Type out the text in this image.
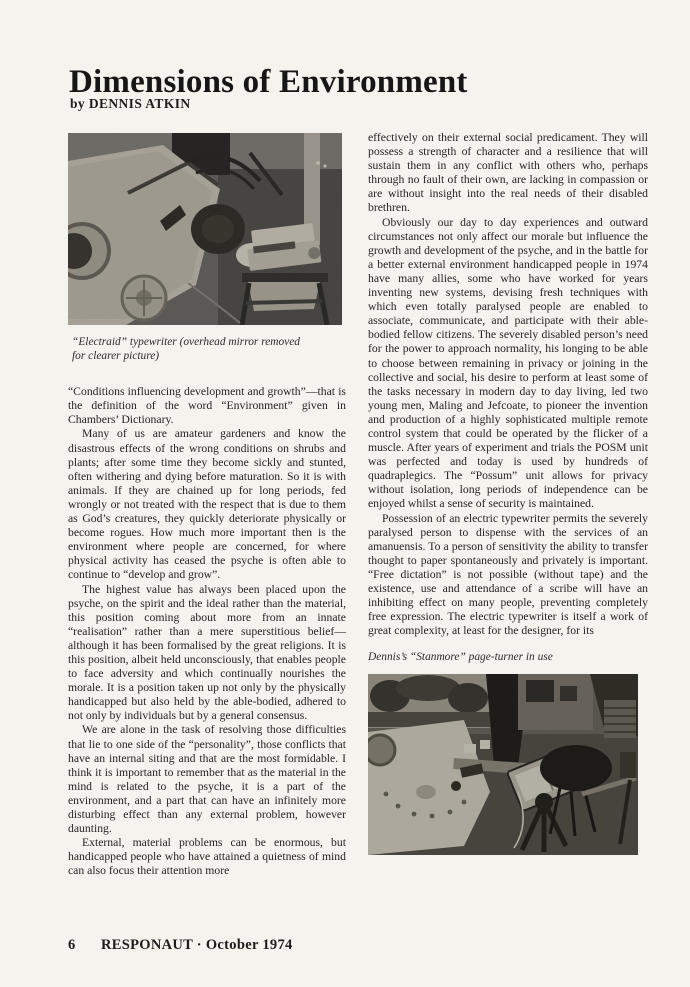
Dimensions of Environment
by DENNIS ATKIN
“Electraid” typewriter (overhead mirror removed for clearer picture)

“Conditions influencing development and growth”—that is the definition of the word “Environment” given in Chambers’ Dictionary.

Many of us are amateur gardeners and know the disastrous effects of the wrong conditions on shrubs and plants; after some time they become sickly and stunted, often withering and dying before maturation. So it is with animals. If they are chained up for long periods, fed wrongly or not treated with the respect that is due to them as God’s creatures, they quickly deteriorate physically or become rogues. How much more important then is the environment where people are concerned, for where physical activity has ceased the psyche is often able to continue to “develop and grow”.

The highest value has always been placed upon the psyche, on the spirit and the ideal rather than the material, this position coming about more from an innate “realisation” rather than a mere superstitious belief—although it has been formalised by the great religions. It is this position, albeit held unconsciously, that enables people to face adversity and which continually nourishes the morale. It is a position taken up not only by the physically handicapped but also held by the able-bodied, adhered to not only by individuals but by a general consensus.

We are alone in the task of resolving those difficulties that lie to one side of the “personality”, those conflicts that have an internal siting and that are the most formidable. I think it is important to remember that as the material in the mind is related to the psyche, it is a part of the environment, and a part that can have an infinitely more disturbing effect than any external problem, however daunting.

External, material problems can be enormous, but handicapped people who have attained a quietness of mind can also focus their attention more

effectively on their external social predicament. They will possess a strength of character and a resilience that will sustain them in any conflict with others who, perhaps through no fault of their own, are lacking in compassion or are without insight into the real needs of their disabled brethren.

Obviously our day to day experiences and outward circumstances not only affect our morale but influence the growth and development of the psyche, and in the battle for a better external environment handicapped people in 1974 have many allies, some who have worked for years inventing new systems, devising fresh techniques with which even totally paralysed people are enabled to associate, communicate, and participate with their able-bodied fellow citizens. The severely disabled person’s need for the power to approach normality, his longing to be able to choose between remaining in privacy or joining in the collective and social, his desire to perform at least some of the tasks necessary in modern day to day living, led two young men, Maling and Jefcoate, to pioneer the invention and production of a highly sophisticated multiple remote control system that could be operated by the flicker of a muscle. After years of experiment and trials the POSM unit was perfected and today is used by hundreds of quadraplegics. The “Possum” unit allows for privacy without isolation, long periods of independence can be enjoyed whilst a sense of security is maintained.

Possession of an electric typewriter permits the severely paralysed person to dispense with the services of an amanuensis. To a person of sensitivity the ability to transfer thought to paper spontaneously and privately is important. “Free dictation” is not possible (without tape) and the existence, use and attendance of a scribe will have an inhibiting effect on many people, preventing completely free expression. The electric typewriter is itself a work of great complexity, at least for the designer, for its

Dennis’s “Stanmore” page-turner in use
6 RESPONAUT · October 1974
